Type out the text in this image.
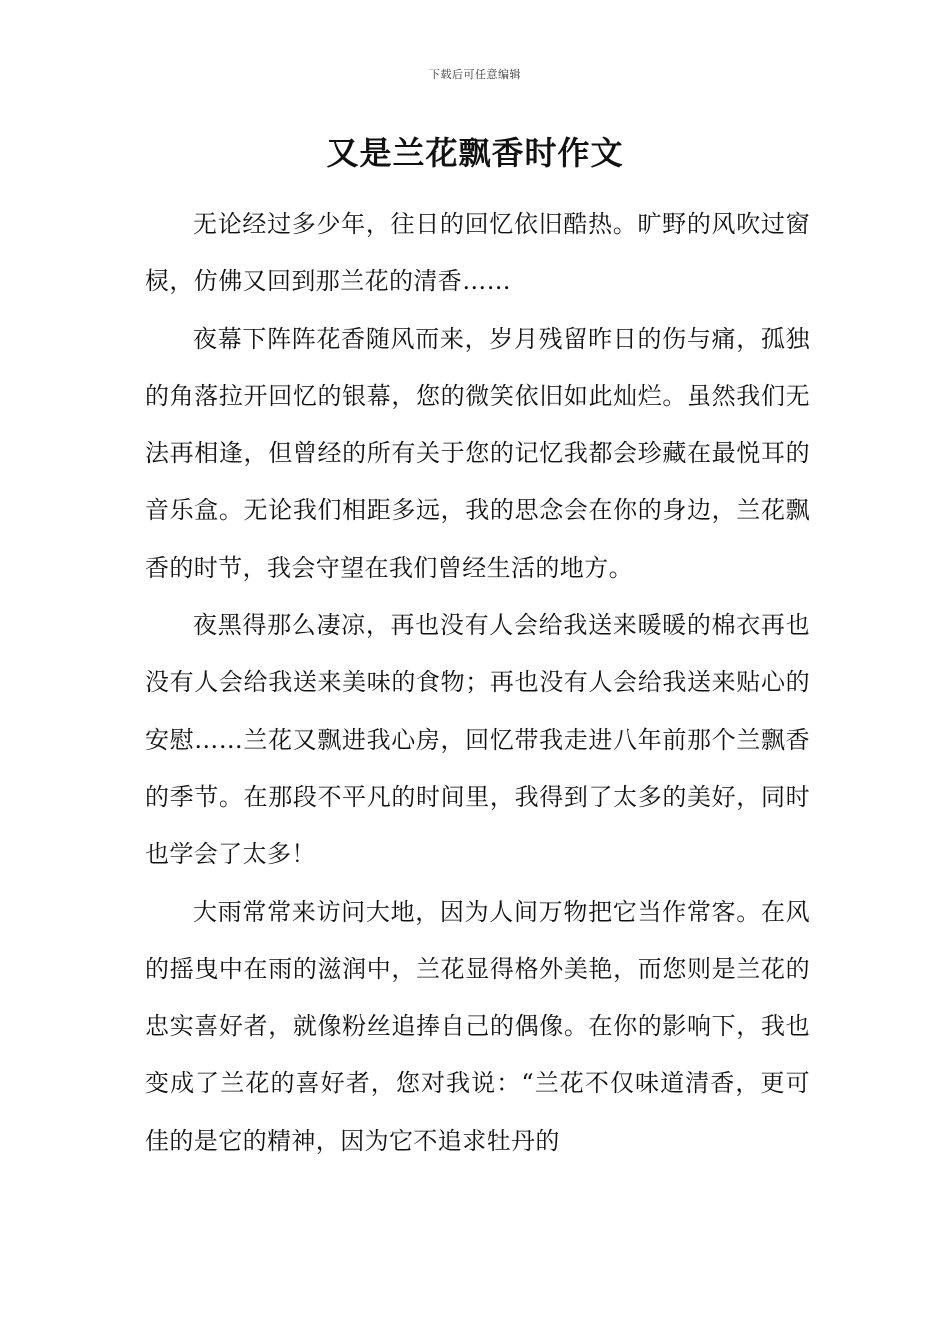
下载后可任意编辑
又是兰花飘香时作文

无论经过多少年，往日的回忆依旧酷热。旷野的风吹过窗棂，仿佛又回到那兰花的清香……

夜幕下阵阵花香随风而来，岁月残留昨日的伤与痛，孤独的角落拉开回忆的银幕，您的微笑依旧如此灿烂。虽然我们无法再相逢，但曾经的所有关于您的记忆我都会珍藏在最悦耳的音乐盒。无论我们相距多远，我的思念会在你的身边，兰花飘香的时节，我会守望在我们曾经生活的地方。

夜黑得那么凄凉，再也没有人会给我送来暖暖的棉衣再也没有人会给我送来美味的食物；再也没有人会给我送来贴心的安慰……兰花又飘进我心房，回忆带我走进八年前那个兰飘香的季节。在那段不平凡的时间里，我得到了太多的美好，同时也学会了太多！

大雨常常来访问大地，因为人间万物把它当作常客。在风的摇曳中在雨的滋润中，兰花显得格外美艳，而您则是兰花的忠实喜好者，就像粉丝追捧自己的偶像。在你的影响下，我也变成了兰花的喜好者，您对我说：“兰花不仅味道清香，更可佳的是它的精神，因为它不追求牡丹的
